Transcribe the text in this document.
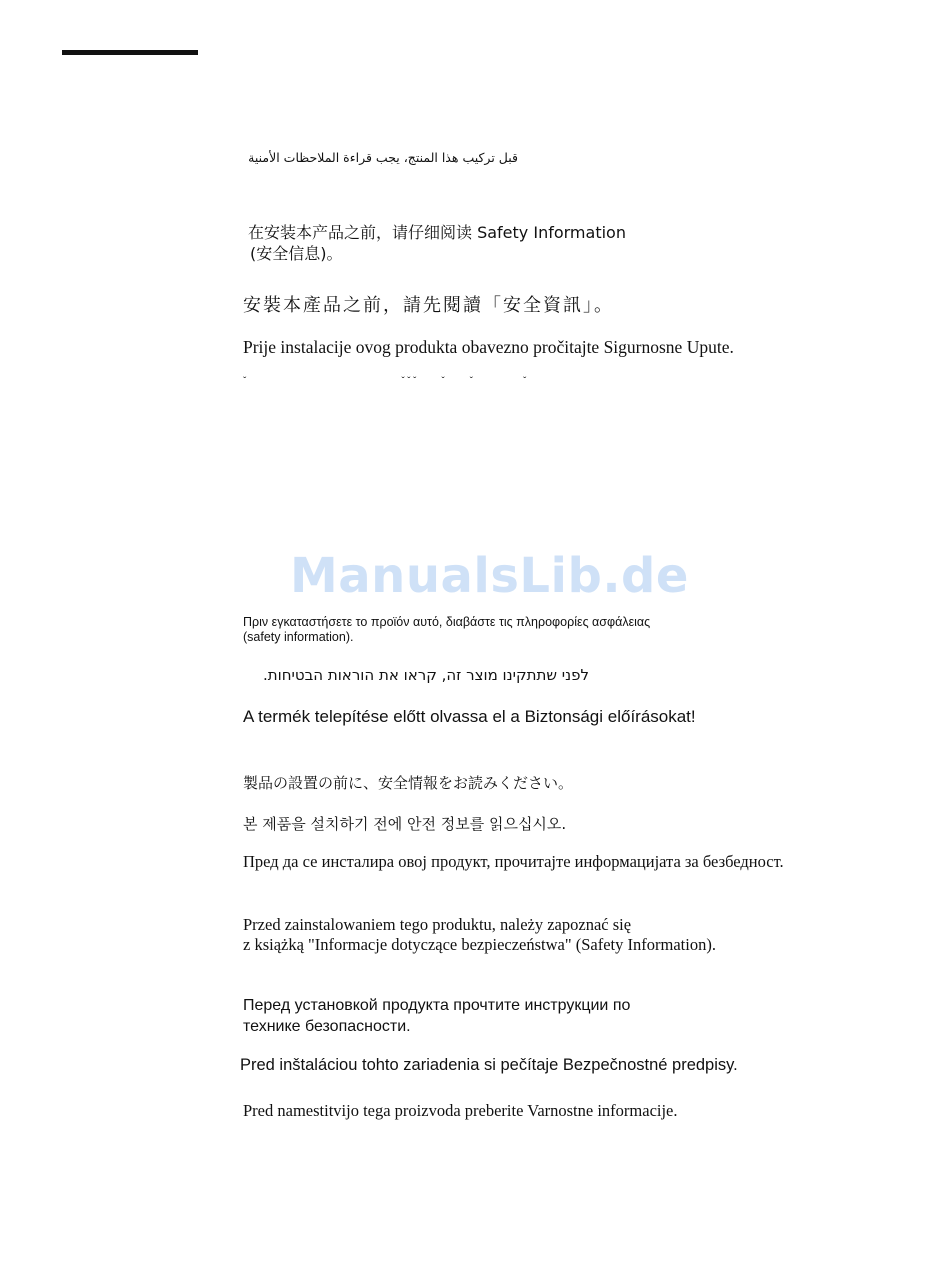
قبل تركيب هذا المنتج، يجب قراءة الملاحظات الأمنية
在安装本产品之前，请仔细阅读 Safety Information
(安全信息)。
安裝本產品之前，請先閱讀「安全資訊」。
Prije instalacije ovog produkta obavezno pročitajte Sigurnosne Upute.
ˇ                                                              ˇ ˇ ˇ          ˇ          ˇ                    ˇ
ManualsLib.de
Πριν εγκαταστήσετε το προϊόν αυτό, διαβάστε τις πληροφορίες ασφάλειας
(safety information).
לפני שתתקינו מוצר זה, קראו את הוראות הבטיחות.
A termék telepítése előtt olvassa el a Biztonsági előírásokat!
製品の設置の前に、安全情報をお読みください。
본 제품을 설치하기 전에 안전 정보를 읽으십시오.
Пред да се инсталира овој продукт, прочитајте информацијата за безбедност.
Przed zainstalowaniem tego produktu, należy zapoznać się
z książką "Informacje dotyczące bezpieczeństwa" (Safety Information).
Перед установкой продукта прочтите инструкции по
технике безопасности.
Pred inštaláciou tohto zariadenia si pečítaje Bezpečnostné predpisy.
Pred namestitvijo tega proizvoda preberite Varnostne informacije.
